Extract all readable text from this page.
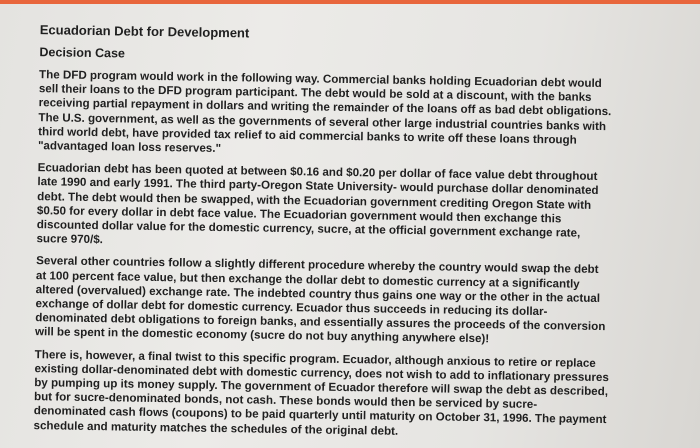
Ecuadorian Debt for Development
Decision Case

The DFD program would work in the following way. Commercial banks holding Ecuadorian debt would sell their loans to the DFD program participant. The debt would be sold at a discount, with the banks receiving partial repayment in dollars and writing the remainder of the loans off as bad debt obligations. The U.S. government, as well as the governments of several other large industrial countries banks with third world debt, have provided tax relief to aid commercial banks to write off these loans through "advantaged loan loss reserves."

Ecuadorian debt has been quoted at between $0.16 and $0.20 per dollar of face value debt throughout late 1990 and early 1991. The third party-Oregon State University- would purchase dollar denominated debt. The debt would then be swapped, with the Ecuadorian government crediting Oregon State with $0.50 for every dollar in debt face value. The Ecuadorian government would then exchange this discounted dollar value for the domestic currency, sucre, at the official government exchange rate, sucre 970/$.

Several other countries follow a slightly different procedure whereby the country would swap the debt at 100 percent face value, but then exchange the dollar debt to domestic currency at a significantly altered (overvalued) exchange rate. The indebted country thus gains one way or the other in the actual exchange of dollar debt for domestic currency. Ecuador thus succeeds in reducing its dollar-denominated debt obligations to foreign banks, and essentially assures the proceeds of the conversion will be spent in the domestic economy (sucre do not buy anything anywhere else)!

There is, however, a final twist to this specific program. Ecuador, although anxious to retire or replace existing dollar-denominated debt with domestic currency, does not wish to add to inflationary pressures by pumping up its money supply. The government of Ecuador therefore will swap the debt as described, but for sucre-denominated bonds, not cash. These bonds would then be serviced by sucre-denominated cash flows (coupons) to be paid quarterly until maturity on October 31, 1996. The payment schedule and maturity matches the schedules of the original debt.
